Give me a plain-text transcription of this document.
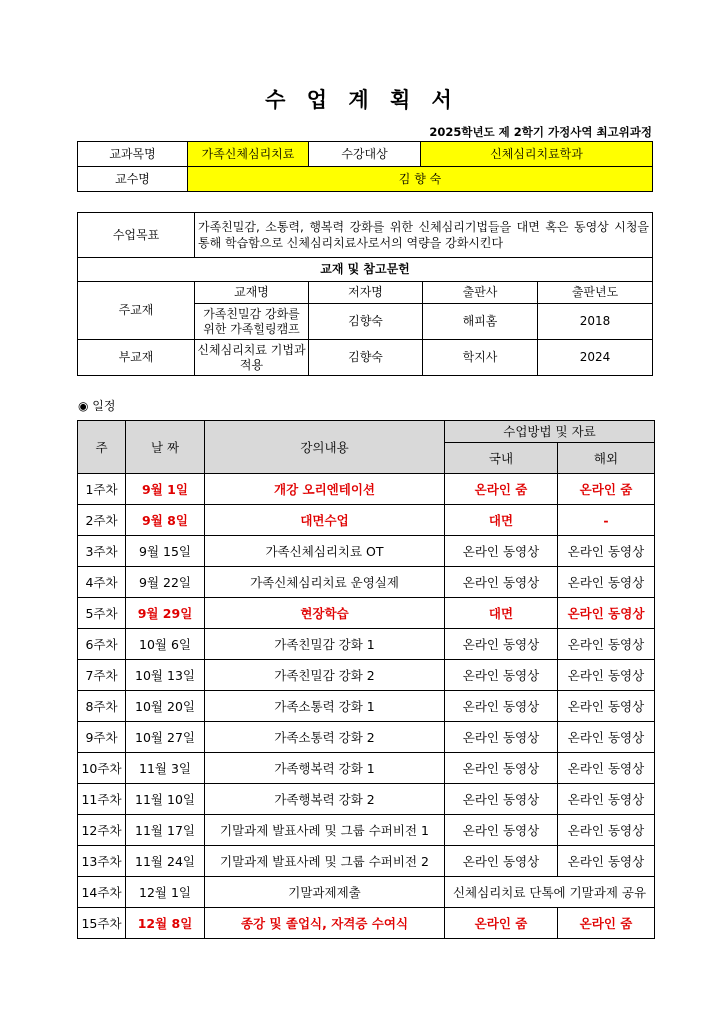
수 업 계 획 서
2025학년도 제 2학기 가정사역 최고위과정
교과목명	가족신체심리치료	수강대상	신체심리치료학과
교수명	김 향 숙		
수업목표	가족친밀감, 소통력, 행복력 강화를 위한 신체심리기법들을 대면 혹은 동영상 시청을 통해 학습함으로 신체심리치료사로서의 역량을 강화시킨다			
교재 및 참고문헌				
주교재	교재명	저자명	출판사	출판년도
	가족친밀감 강화를 위한 가족힐링캠프	김향숙	해피홈	2018
부교재	신체심리치료 기법과 적용	김향숙	학지사	2024
◉ 일정
주	날 짜	강의내용	수업방법 및 자료	
			국내	해외
1주차	9월 1일	개강 오리엔테이션	온라인 줌	온라인 줌
2주차	9월 8일	대면수업	대면	-
3주차	9월 15일	가족신체심리치료 OT	온라인 동영상	온라인 동영상
4주차	9월 22일	가족신체심리치료 운영실제	온라인 동영상	온라인 동영상
5주차	9월 29일	현장학습	대면	온라인 동영상
6주차	10월 6일	가족친밀감 강화 1	온라인 동영상	온라인 동영상
7주차	10월 13일	가족친밀감 강화 2	온라인 동영상	온라인 동영상
8주차	10월 20일	가족소통력 강화 1	온라인 동영상	온라인 동영상
9주차	10월 27일	가족소통력 강화 2	온라인 동영상	온라인 동영상
10주차	11월 3일	가족행복력 강화 1	온라인 동영상	온라인 동영상
11주차	11월 10일	가족행복력 강화 2	온라인 동영상	온라인 동영상
12주차	11월 17일	기말과제 발표사례 및 그룹 수퍼비전 1	온라인 동영상	온라인 동영상
13주차	11월 24일	기말과제 발표사례 및 그룹 수퍼비전 2	온라인 동영상	온라인 동영상
14주차	12월 1일	기말과제제출	신체심리치료 단톡에 기말과제 공유	
15주차	12월 8일	종강 및 졸업식, 자격증 수여식	온라인 줌	온라인 줌
